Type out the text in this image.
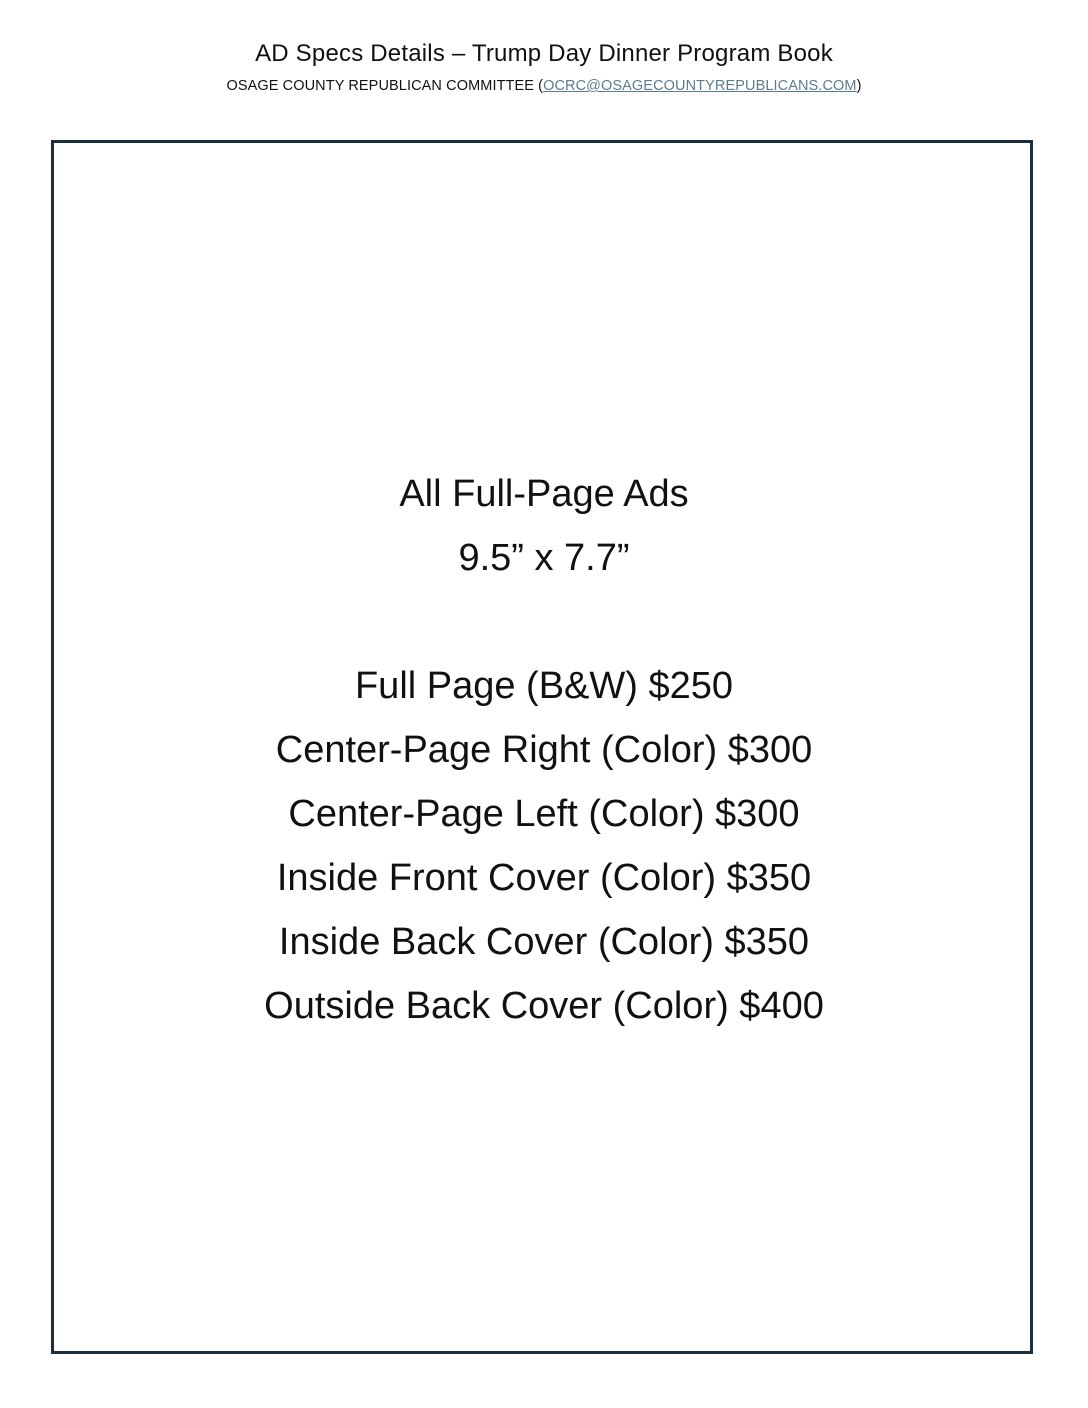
AD Specs Details – Trump Day Dinner Program Book
OSAGE COUNTY REPUBLICAN COMMITTEE (OCRC@OSAGECOUNTYREPUBLICANS.COM)
All Full-Page Ads
9.5” x 7.7”
Full Page (B&W) $250
Center-Page Right (Color) $300
Center-Page Left (Color) $300
Inside Front Cover (Color) $350
Inside Back Cover (Color) $350
Outside Back Cover (Color) $400
